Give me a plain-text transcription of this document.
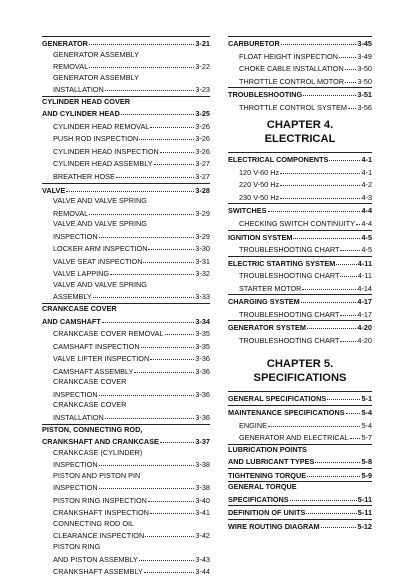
GENERATOR	3-21
GENERATOR ASSEMBLY
REMOVAL	3-22
GENERATOR ASSEMBLY
INSTALLATION	3-23
CYLINDER HEAD COVER
AND CYLINDER HEAD	3-25
CYLINDER HEAD REMOVAL	3-26
PUSH ROD INSPECTION	3-26
CYLINDER HEAD INSPECTION	3-26
CYLINDER HEAD ASSEMBLY	3-27
BREATHER HOSE	3-27
VALVE	3-28
VALVE AND VALVE SPRING
REMOVAL	3-29
VALVE AND VALVE SPRING
INSPECTION	3-29
LOCKER ARM INSPECTION	3-30
VALVE SEAT INSPECTION	3-31
VALVE LAPPING	3-32
VALVE AND VALVE SPRING
ASSEMBLY	3-33
CRANKCASE COVER
AND CAMSHAFT	3-34
CRANKCASE COVER REMOVAL	3-35
CAMSHAFT INSPECTION	3-35
VALVE LIFTER INSPECTION	3-36
CAMSHAFT ASSEMBLY	3-36
CRANKCASE COVER
INSPECTION	3-36
CRANKCASE COVER
INSTALLATION	3-36
PISTON, CONNECTING ROD,
CRANKSHAFT AND CRANKCASE	3-37
CRANKCASE (CYLINDER)
INSPECTION	3-38
PISTON AND PISTON PIN
INSPECTION	3-38
PISTON RING INSPECTION	3-40
CRANKSHAFT INSPECTION	3-41
CONNECTING ROD OIL
CLEARANCE INSPECTION	3-42
PISTON RING
AND PISTON ASSEMBLY	3-43
CRANKSHAFT ASSEMBLY	3-44
CARBURETOR	3-45
FLOAT HEIGHT INSPECTION	3-49
CHOKE CABLE INSTALLATION 3-50
THROTTLE CONTROL MOTOR 3-50
TROUBLESHOOTING	3-51
THROTTLE CONTROL SYSTEM 3-56
CHAPTER 4.
ELECTRICAL
ELECTRICAL COMPONENTS	4-1
120 V-60 Hz	4-1
220 V-50 Hz	4-2
230 V-50 Hz	4-3
SWITCHES	4-4
CHECKING SWITCH CONTINUITY 4-4
IGNITION SYSTEM	4-5
TROUBLESHOOTING CHART	4-5
ELECTRIC STARTING SYSTEM	4-11
TROUBLESHOOTING CHART	4-11
STARTER MOTOR	4-14
CHARGING SYSTEM	4-17
TROUBLESHOOTING CHART 4-17
GENERATOR SYSTEM	4-20
TROUBLESHOOTING CHART 4-20
CHAPTER 5.
SPECIFICATIONS
GENERAL SPECIFICATIONS	5-1
MAINTENANCE SPECIFICATIONS 5-4
ENGINE	5-4
GENERATOR AND ELECTRICAL 5-7
LUBRICATION POINTS
AND LUBRICANT TYPES	5-8
TIGHTENING TORQUE	5-9
GENERAL TORQUE
SPECIFICATIONS	5-11
DEFINITION OF UNITS	5-11
WIRE ROUTING DIAGRAM	5-12
